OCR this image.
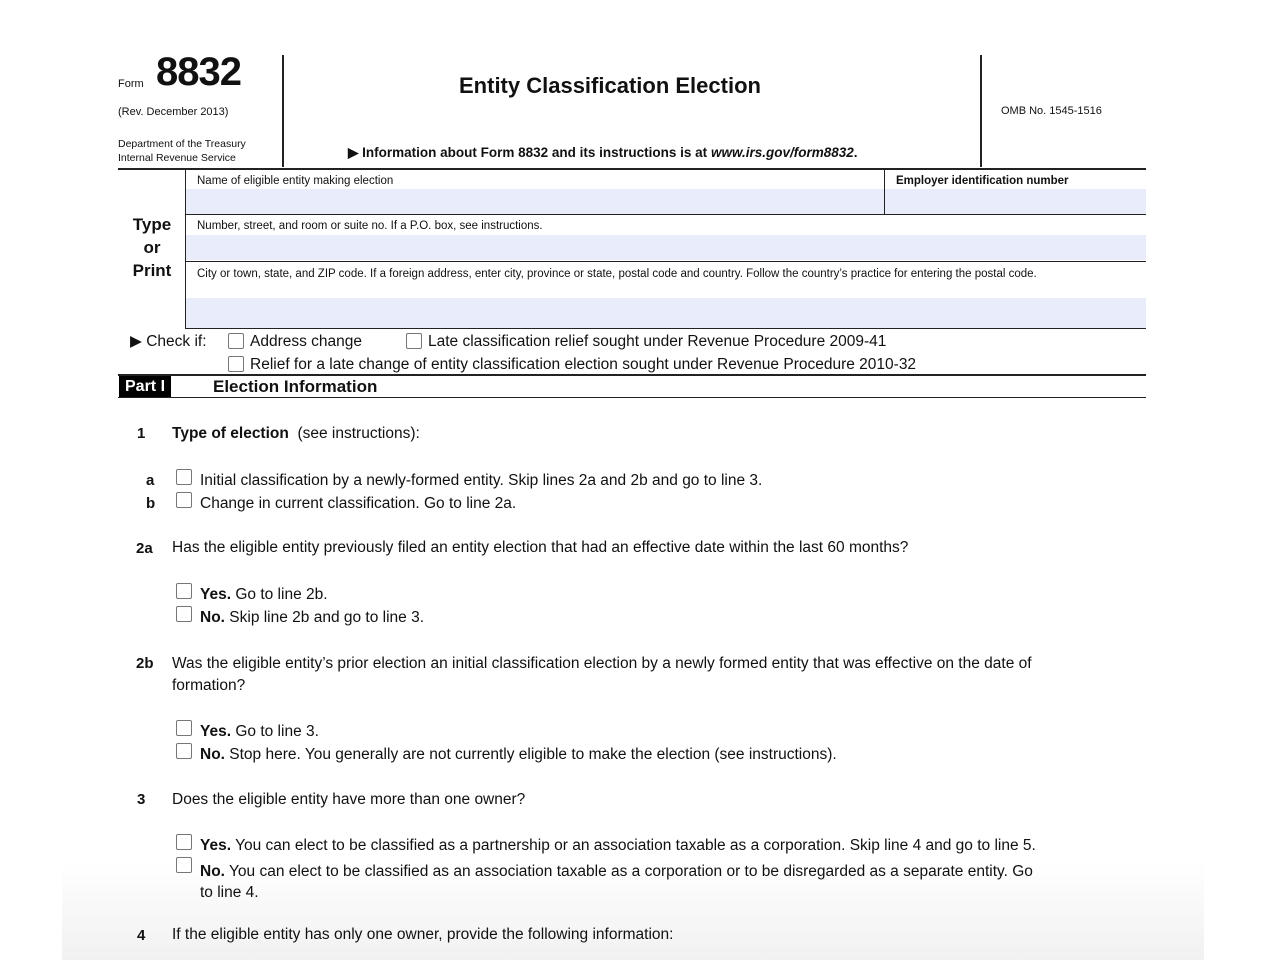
Form 8832
(Rev. December 2013)
Department of the Treasury
Internal Revenue Service
Entity Classification Election
▶ Information about Form 8832 and its instructions is at www.irs.gov/form8832.
OMB No. 1545-1516
Type
or
Print
Name of eligible entity making election	Employer identification number
Number, street, and room or suite no. If a P.O. box, see instructions.
City or town, state, and ZIP code. If a foreign address, enter city, province or state, postal code and country. Follow the country’s practice for entering the postal code.
▶ Check if:	Address change	Late classification relief sought under Revenue Procedure 2009-41
Relief for a late change of entity classification election sought under Revenue Procedure 2010-32
Part I	Election Information
1 Type of election (see instructions):
a	Initial classification by a newly-formed entity. Skip lines 2a and 2b and go to line 3.
b	Change in current classification. Go to line 2a.
2a Has the eligible entity previously filed an entity election that had an effective date within the last 60 months?
Yes. Go to line 2b.
No. Skip line 2b and go to line 3.
2b Was the eligible entity’s prior election an initial classification election by a newly formed entity that was effective on the date of
formation?
Yes. Go to line 3.
No. Stop here. You generally are not currently eligible to make the election (see instructions).
3 Does the eligible entity have more than one owner?
Yes. You can elect to be classified as a partnership or an association taxable as a corporation. Skip line 4 and go to line 5.
No. You can elect to be classified as an association taxable as a corporation or to be disregarded as a separate entity. Go
to line 4.
4 If the eligible entity has only one owner, provide the following information:
